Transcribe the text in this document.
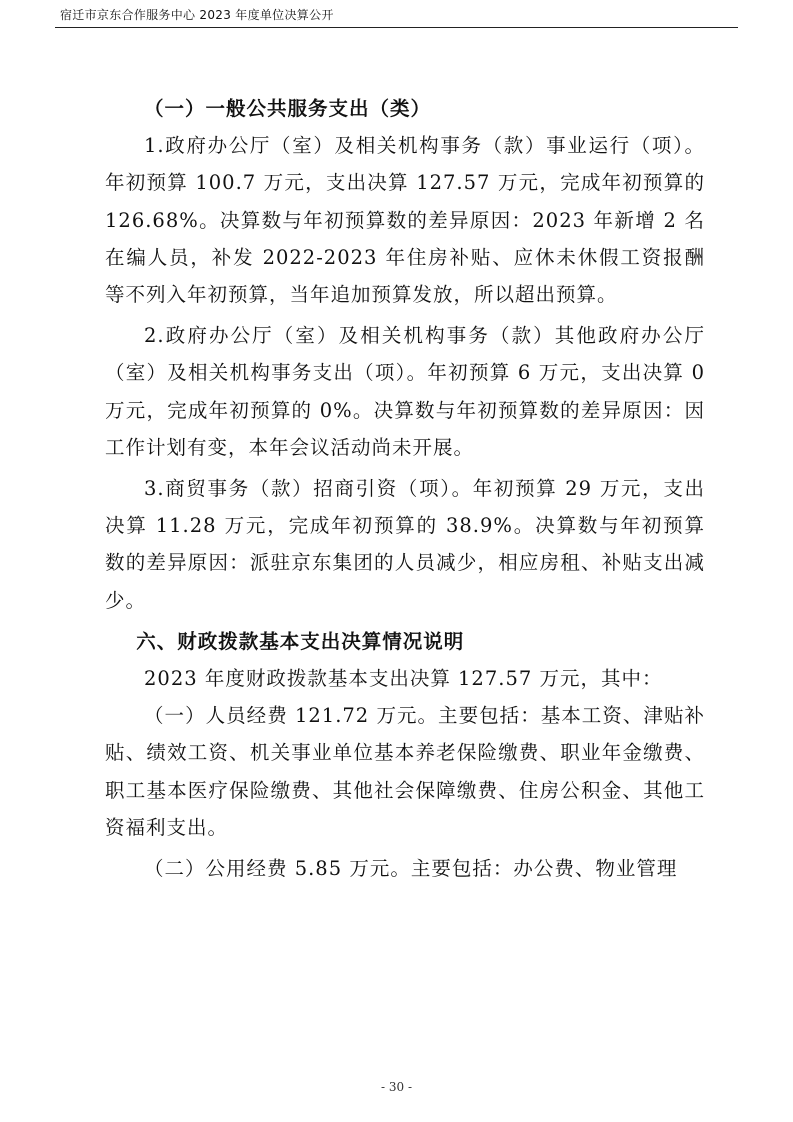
宿迁市京东合作服务中心 2023 年度单位决算公开

（一）一般公共服务支出（类）

1.政府办公厅（室）及相关机构事务（款）事业运行（项）。年初预算 100.7 万元，支出决算 127.57 万元，完成年初预算的 126.68%。决算数与年初预算数的差异原因：2023 年新增 2 名在编人员，补发 2022-2023 年住房补贴、应休未休假工资报酬等不列入年初预算，当年追加预算发放，所以超出预算。

2.政府办公厅（室）及相关机构事务（款）其他政府办公厅（室）及相关机构事务支出（项）。年初预算 6 万元，支出决算 0 万元，完成年初预算的 0%。决算数与年初预算数的差异原因：因工作计划有变，本年会议活动尚未开展。

3.商贸事务（款）招商引资（项）。年初预算 29 万元，支出决算 11.28 万元，完成年初预算的 38.9%。决算数与年初预算数的差异原因：派驻京东集团的人员减少，相应房租、补贴支出减少。

六、财政拨款基本支出决算情况说明

2023 年度财政拨款基本支出决算 127.57 万元，其中：

（一）人员经费 121.72 万元。主要包括：基本工资、津贴补贴、绩效工资、机关事业单位基本养老保险缴费、职业年金缴费、职工基本医疗保险缴费、其他社会保障缴费、住房公积金、其他工资福利支出。

（二）公用经费 5.85 万元。主要包括：办公费、物业管理

- 30 -
